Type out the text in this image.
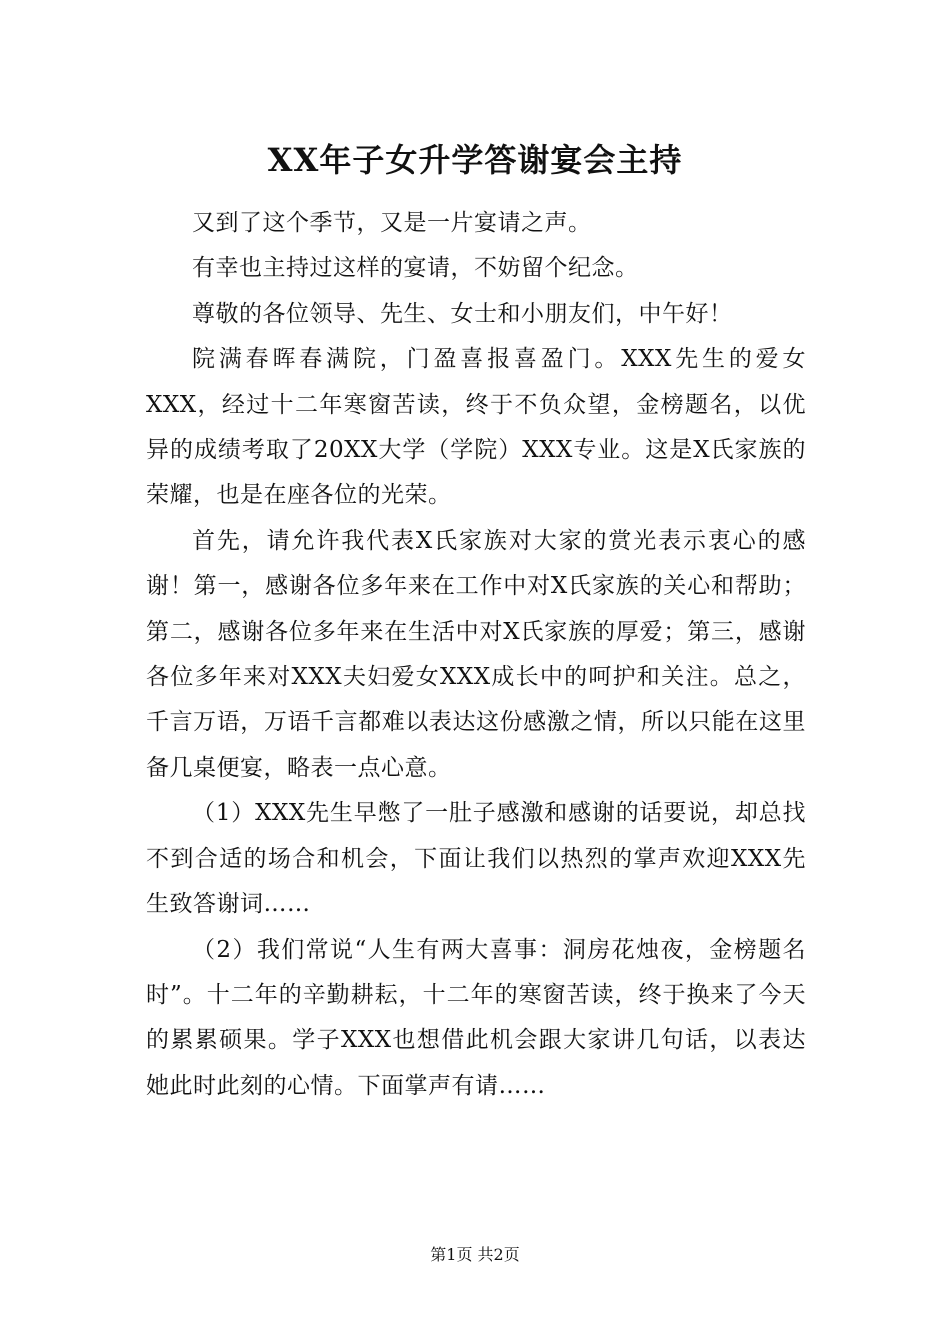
XX年子女升学答谢宴会主持

又到了这个季节，又是一片宴请之声。

有幸也主持过这样的宴请，不妨留个纪念。

尊敬的各位领导、先生、女士和小朋友们，中午好！

院满春晖春满院，门盈喜报喜盈门。XXX先生的爱女XXX，经过十二年寒窗苦读，终于不负众望，金榜题名，以优异的成绩考取了20XX大学（学院）XXX专业。这是X氏家族的荣耀，也是在座各位的光荣。

首先，请允许我代表X氏家族对大家的赏光表示衷心的感谢！第一，感谢各位多年来在工作中对X氏家族的关心和帮助；第二，感谢各位多年来在生活中对X氏家族的厚爱；第三，感谢各位多年来对XXX夫妇爱女XXX成长中的呵护和关注。总之，千言万语，万语千言都难以表达这份感激之情，所以只能在这里备几桌便宴，略表一点心意。

（1）XXX先生早憋了一肚子感激和感谢的话要说，却总找不到合适的场合和机会，下面让我们以热烈的掌声欢迎XXX先生致答谢词……

（2）我们常说“人生有两大喜事：洞房花烛夜，金榜题名时”。十二年的辛勤耕耘，十二年的寒窗苦读，终于换来了今天的累累硕果。学子XXX也想借此机会跟大家讲几句话，以表达她此时此刻的心情。下面掌声有请……

第1页 共2页
